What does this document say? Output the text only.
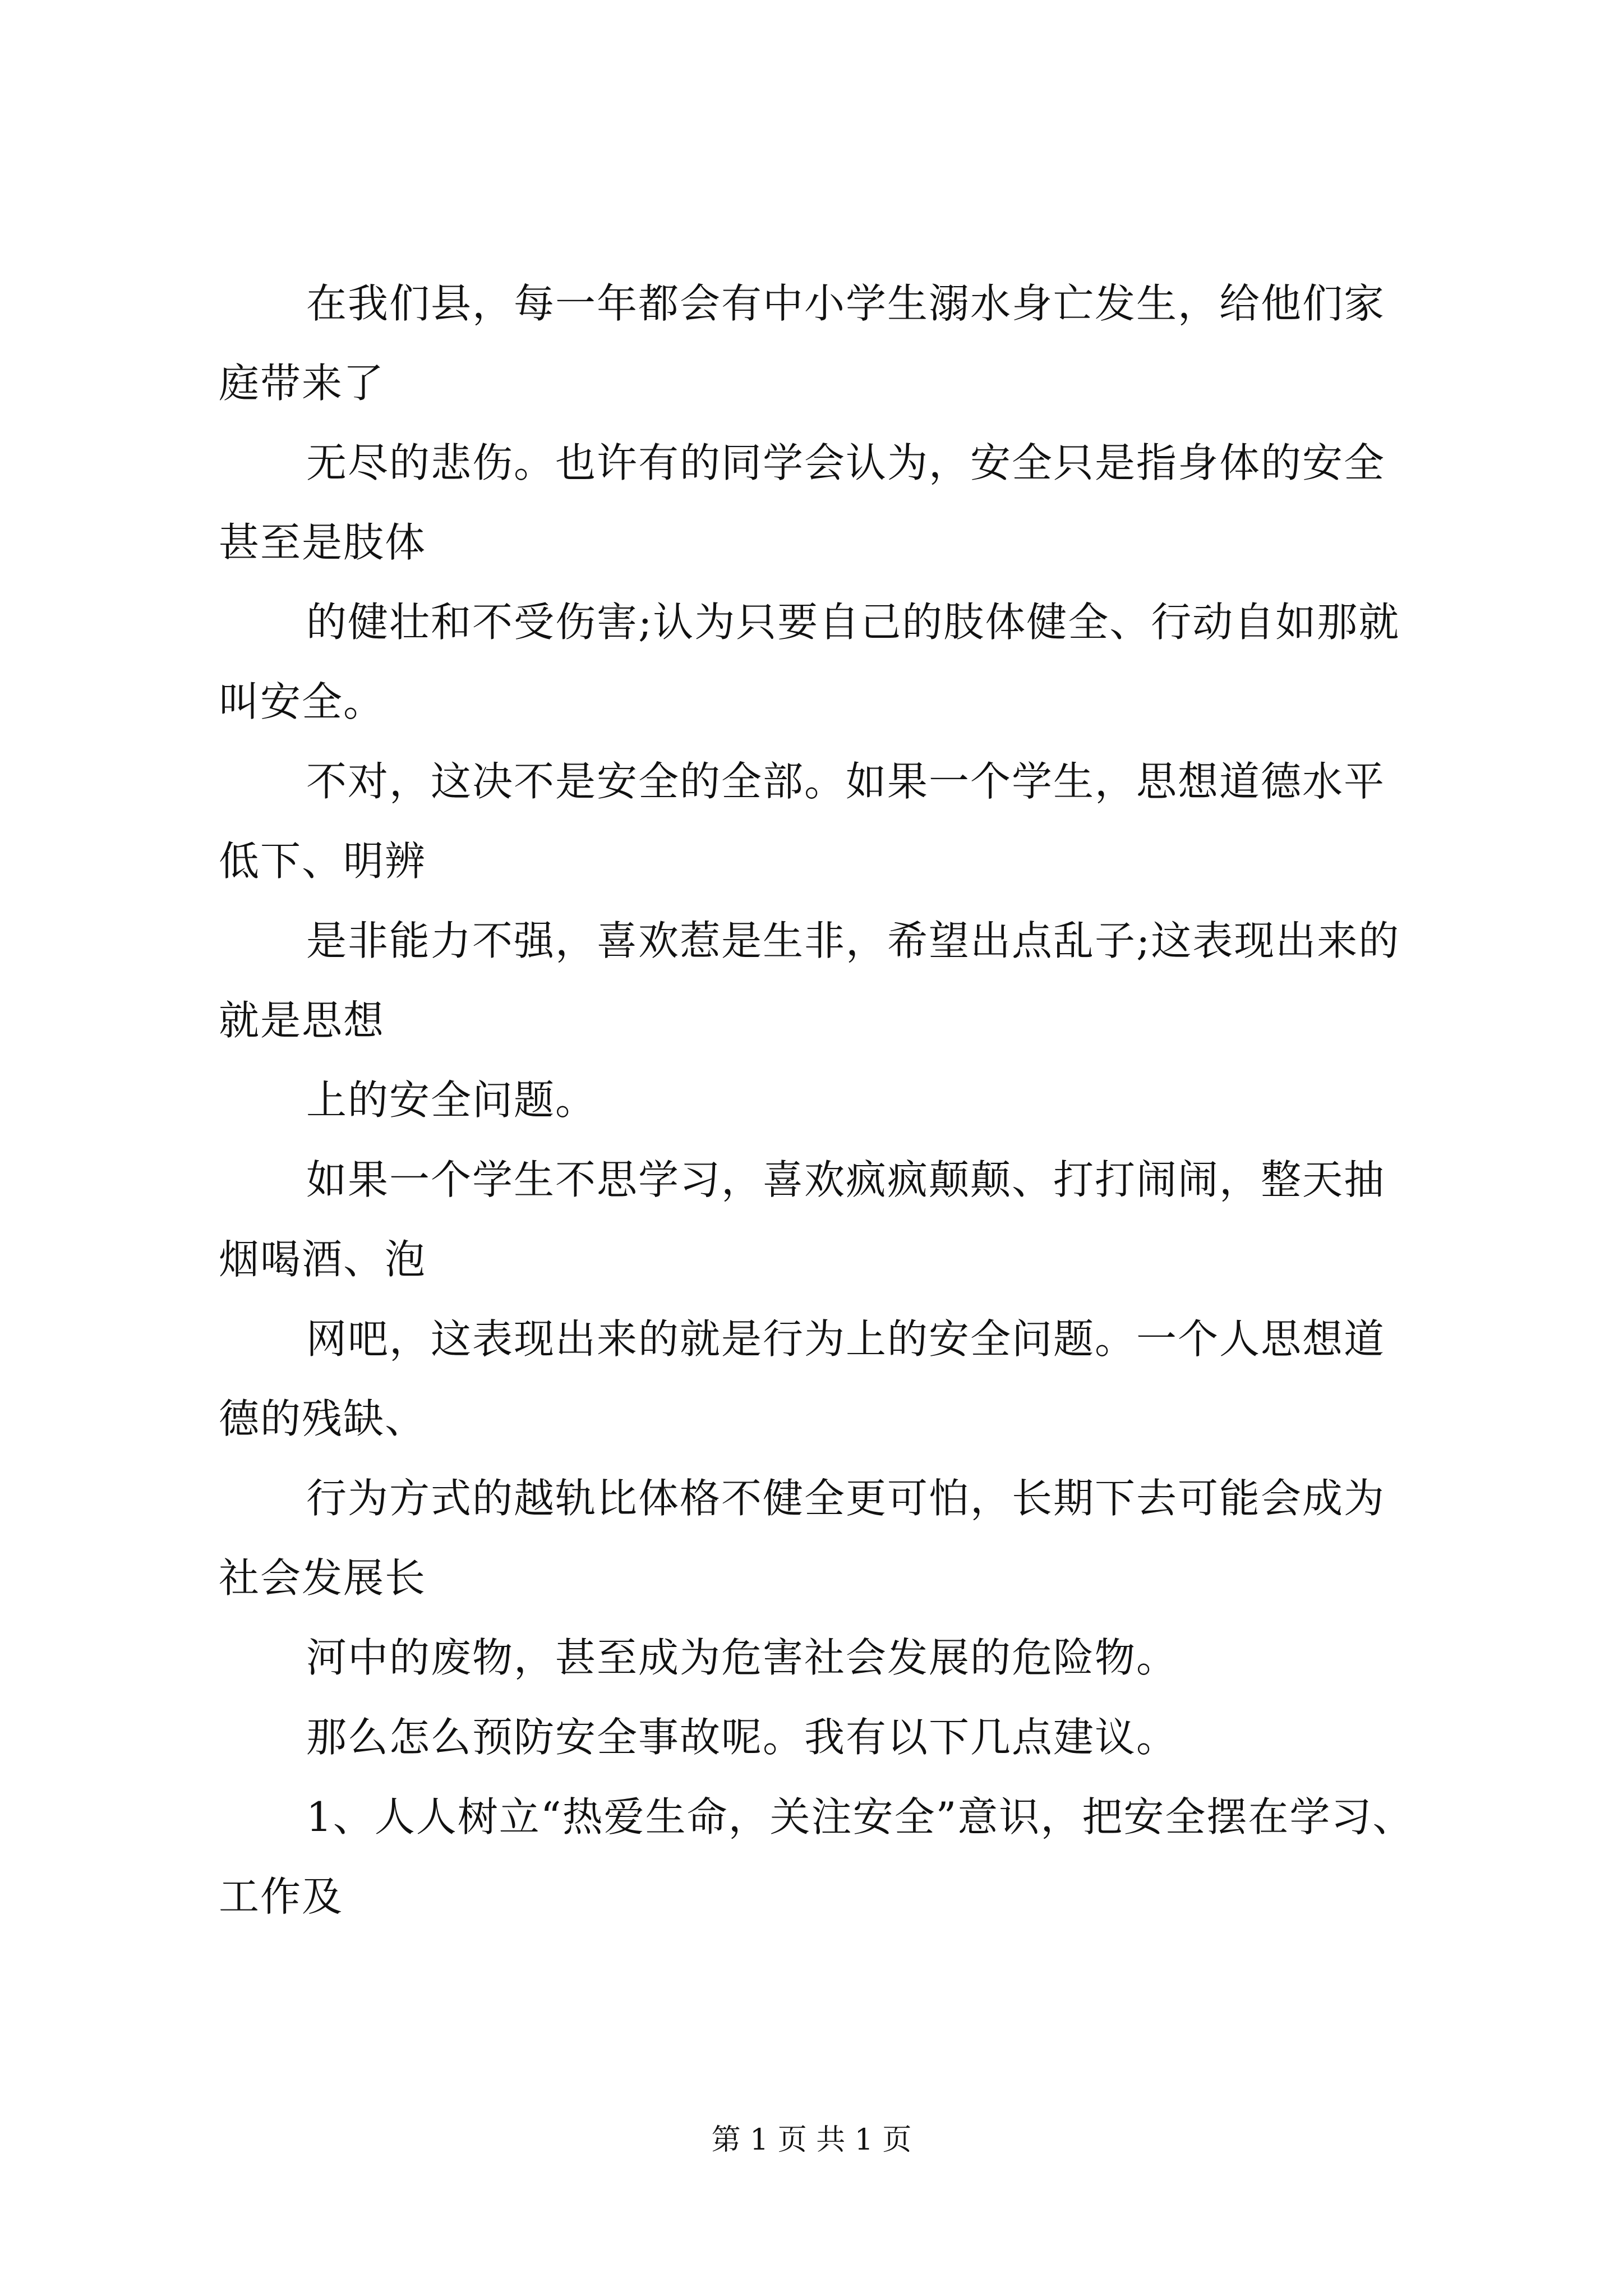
在我们县，每一年都会有中小学生溺水身亡发生，给他们家庭带来了

无尽的悲伤。也许有的同学会认为，安全只是指身体的安全甚至是肢体

的健壮和不受伤害;认为只要自己的肢体健全、行动自如那就叫安全。

不对，这决不是安全的全部。如果一个学生，思想道德水平低下、明辨

是非能力不强，喜欢惹是生非，希望出点乱子;这表现出来的就是思想

上的安全问题。

如果一个学生不思学习，喜欢疯疯颠颠、打打闹闹，整天抽烟喝酒、泡

网吧，这表现出来的就是行为上的安全问题。一个人思想道德的残缺、

行为方式的越轨比体格不健全更可怕，长期下去可能会成为社会发展长

河中的废物，甚至成为危害社会发展的危险物。

那么怎么预防安全事故呢。我有以下几点建议。

1、人人树立“热爱生命，关注安全”意识，把安全摆在学习、工作及

第 1 页 共 1 页
